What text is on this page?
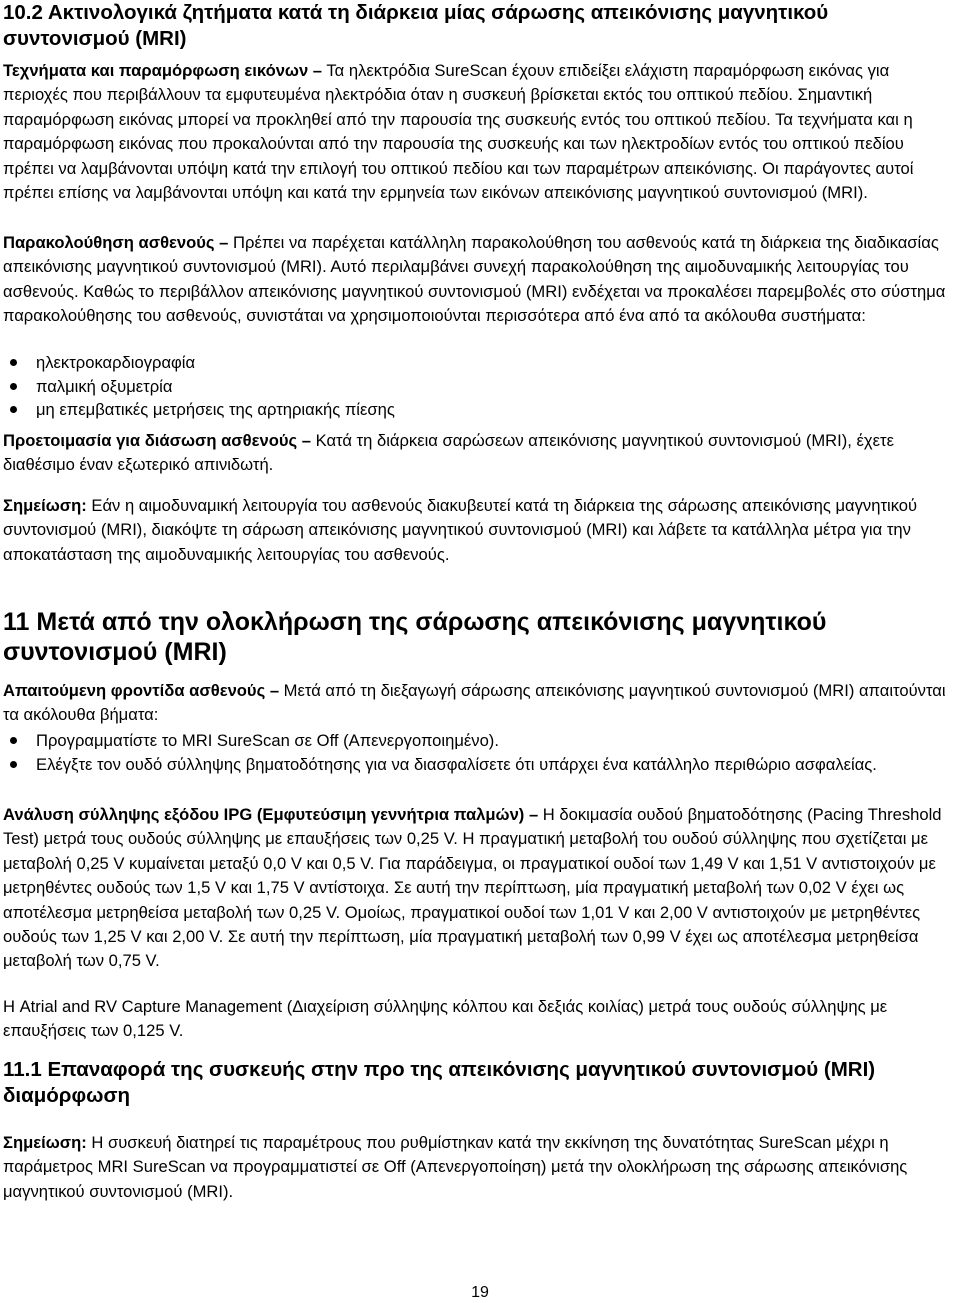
10.2 Ακτινολογικά ζητήματα κατά τη διάρκεια μίας σάρωσης απεικόνισης μαγνητικού συντονισμού (MRI)

Τεχνήματα και παραμόρφωση εικόνων – Τα ηλεκτρόδια SureScan έχουν επιδείξει ελάχιστη παραμόρφωση εικόνας για περιοχές που περιβάλλουν τα εμφυτευμένα ηλεκτρόδια όταν η συσκευή βρίσκεται εκτός του οπτικού πεδίου. Σημαντική παραμόρφωση εικόνας μπορεί να προκληθεί από την παρουσία της συσκευής εντός του οπτικού πεδίου. Τα τεχνήματα και η παραμόρφωση εικόνας που προκαλούνται από την παρουσία της συσκευής και των ηλεκτροδίων εντός του οπτικού πεδίου πρέπει να λαμβάνονται υπόψη κατά την επιλογή του οπτικού πεδίου και των παραμέτρων απεικόνισης. Οι παράγοντες αυτοί πρέπει επίσης να λαμβάνονται υπόψη και κατά την ερμηνεία των εικόνων απεικόνισης μαγνητικού συντονισμού (MRI).

Παρακολούθηση ασθενούς – Πρέπει να παρέχεται κατάλληλη παρακολούθηση του ασθενούς κατά τη διάρκεια της διαδικασίας απεικόνισης μαγνητικού συντονισμού (MRI). Αυτό περιλαμβάνει συνεχή παρακολούθηση της αιμοδυναμικής λειτουργίας του ασθενούς. Καθώς το περιβάλλον απεικόνισης μαγνητικού συντονισμού (MRI) ενδέχεται να προκαλέσει παρεμβολές στο σύστημα παρακολούθησης του ασθενούς, συνιστάται να χρησιμοποιούνται περισσότερα από ένα από τα ακόλουθα συστήματα:

ηλεκτροκαρδιογραφία
παλμική οξυμετρία
μη επεμβατικές μετρήσεις της αρτηριακής πίεσης

Προετοιμασία για διάσωση ασθενούς – Κατά τη διάρκεια σαρώσεων απεικόνισης μαγνητικού συντονισμού (MRI), έχετε διαθέσιμο έναν εξωτερικό απινιδωτή.

Σημείωση: Εάν η αιμοδυναμική λειτουργία του ασθενούς διακυβευτεί κατά τη διάρκεια της σάρωσης απεικόνισης μαγνητικού συντονισμού (MRI), διακόψτε τη σάρωση απεικόνισης μαγνητικού συντονισμού (MRI) και λάβετε τα κατάλληλα μέτρα για την αποκατάσταση της αιμοδυναμικής λειτουργίας του ασθενούς.

11 Μετά από την ολοκλήρωση της σάρωσης απεικόνισης μαγνητικού συντονισμού (MRI)

Απαιτούμενη φροντίδα ασθενούς – Μετά από τη διεξαγωγή σάρωσης απεικόνισης μαγνητικού συντονισμού (MRI) απαιτούνται τα ακόλουθα βήματα:

Προγραμματίστε το MRI SureScan σε Off (Απενεργοποιημένο).
Ελέγξτε τον ουδό σύλληψης βηματοδότησης για να διασφαλίσετε ότι υπάρχει ένα κατάλληλο περιθώριο ασφαλείας.

Ανάλυση σύλληψης εξόδου IPG (Εμφυτεύσιμη γεννήτρια παλμών) – Η δοκιμασία ουδού βηματοδότησης (Pacing Threshold Test) μετρά τους ουδούς σύλληψης με επαυξήσεις των 0,25 V. Η πραγματική μεταβολή του ουδού σύλληψης που σχετίζεται με μεταβολή 0,25 V κυμαίνεται μεταξύ 0,0 V και 0,5 V. Για παράδειγμα, οι πραγματικοί ουδοί των 1,49 V και 1,51 V αντιστοιχούν με μετρηθέντες ουδούς των 1,5 V και 1,75 V αντίστοιχα. Σε αυτή την περίπτωση, μία πραγματική μεταβολή των 0,02 V έχει ως αποτέλεσμα μετρηθείσα μεταβολή των 0,25 V. Ομοίως, πραγματικοί ουδοί των 1,01 V και 2,00 V αντιστοιχούν με μετρηθέντες ουδούς των 1,25 V και 2,00 V. Σε αυτή την περίπτωση, μία πραγματική μεταβολή των 0,99 V έχει ως αποτέλεσμα μετρηθείσα μεταβολή των 0,75 V.

Η Atrial and RV Capture Management (Διαχείριση σύλληψης κόλπου και δεξιάς κοιλίας) μετρά τους ουδούς σύλληψης με επαυξήσεις των 0,125 V.

11.1 Επαναφορά της συσκευής στην προ της απεικόνισης μαγνητικού συντονισμού (MRI) διαμόρφωση

Σημείωση: Η συσκευή διατηρεί τις παραμέτρους που ρυθμίστηκαν κατά την εκκίνηση της δυνατότητας SureScan μέχρι η παράμετρος MRI SureScan να προγραμματιστεί σε Off (Απενεργοποίηση) μετά την ολοκλήρωση της σάρωσης απεικόνισης μαγνητικού συντονισμού (MRI).

19
